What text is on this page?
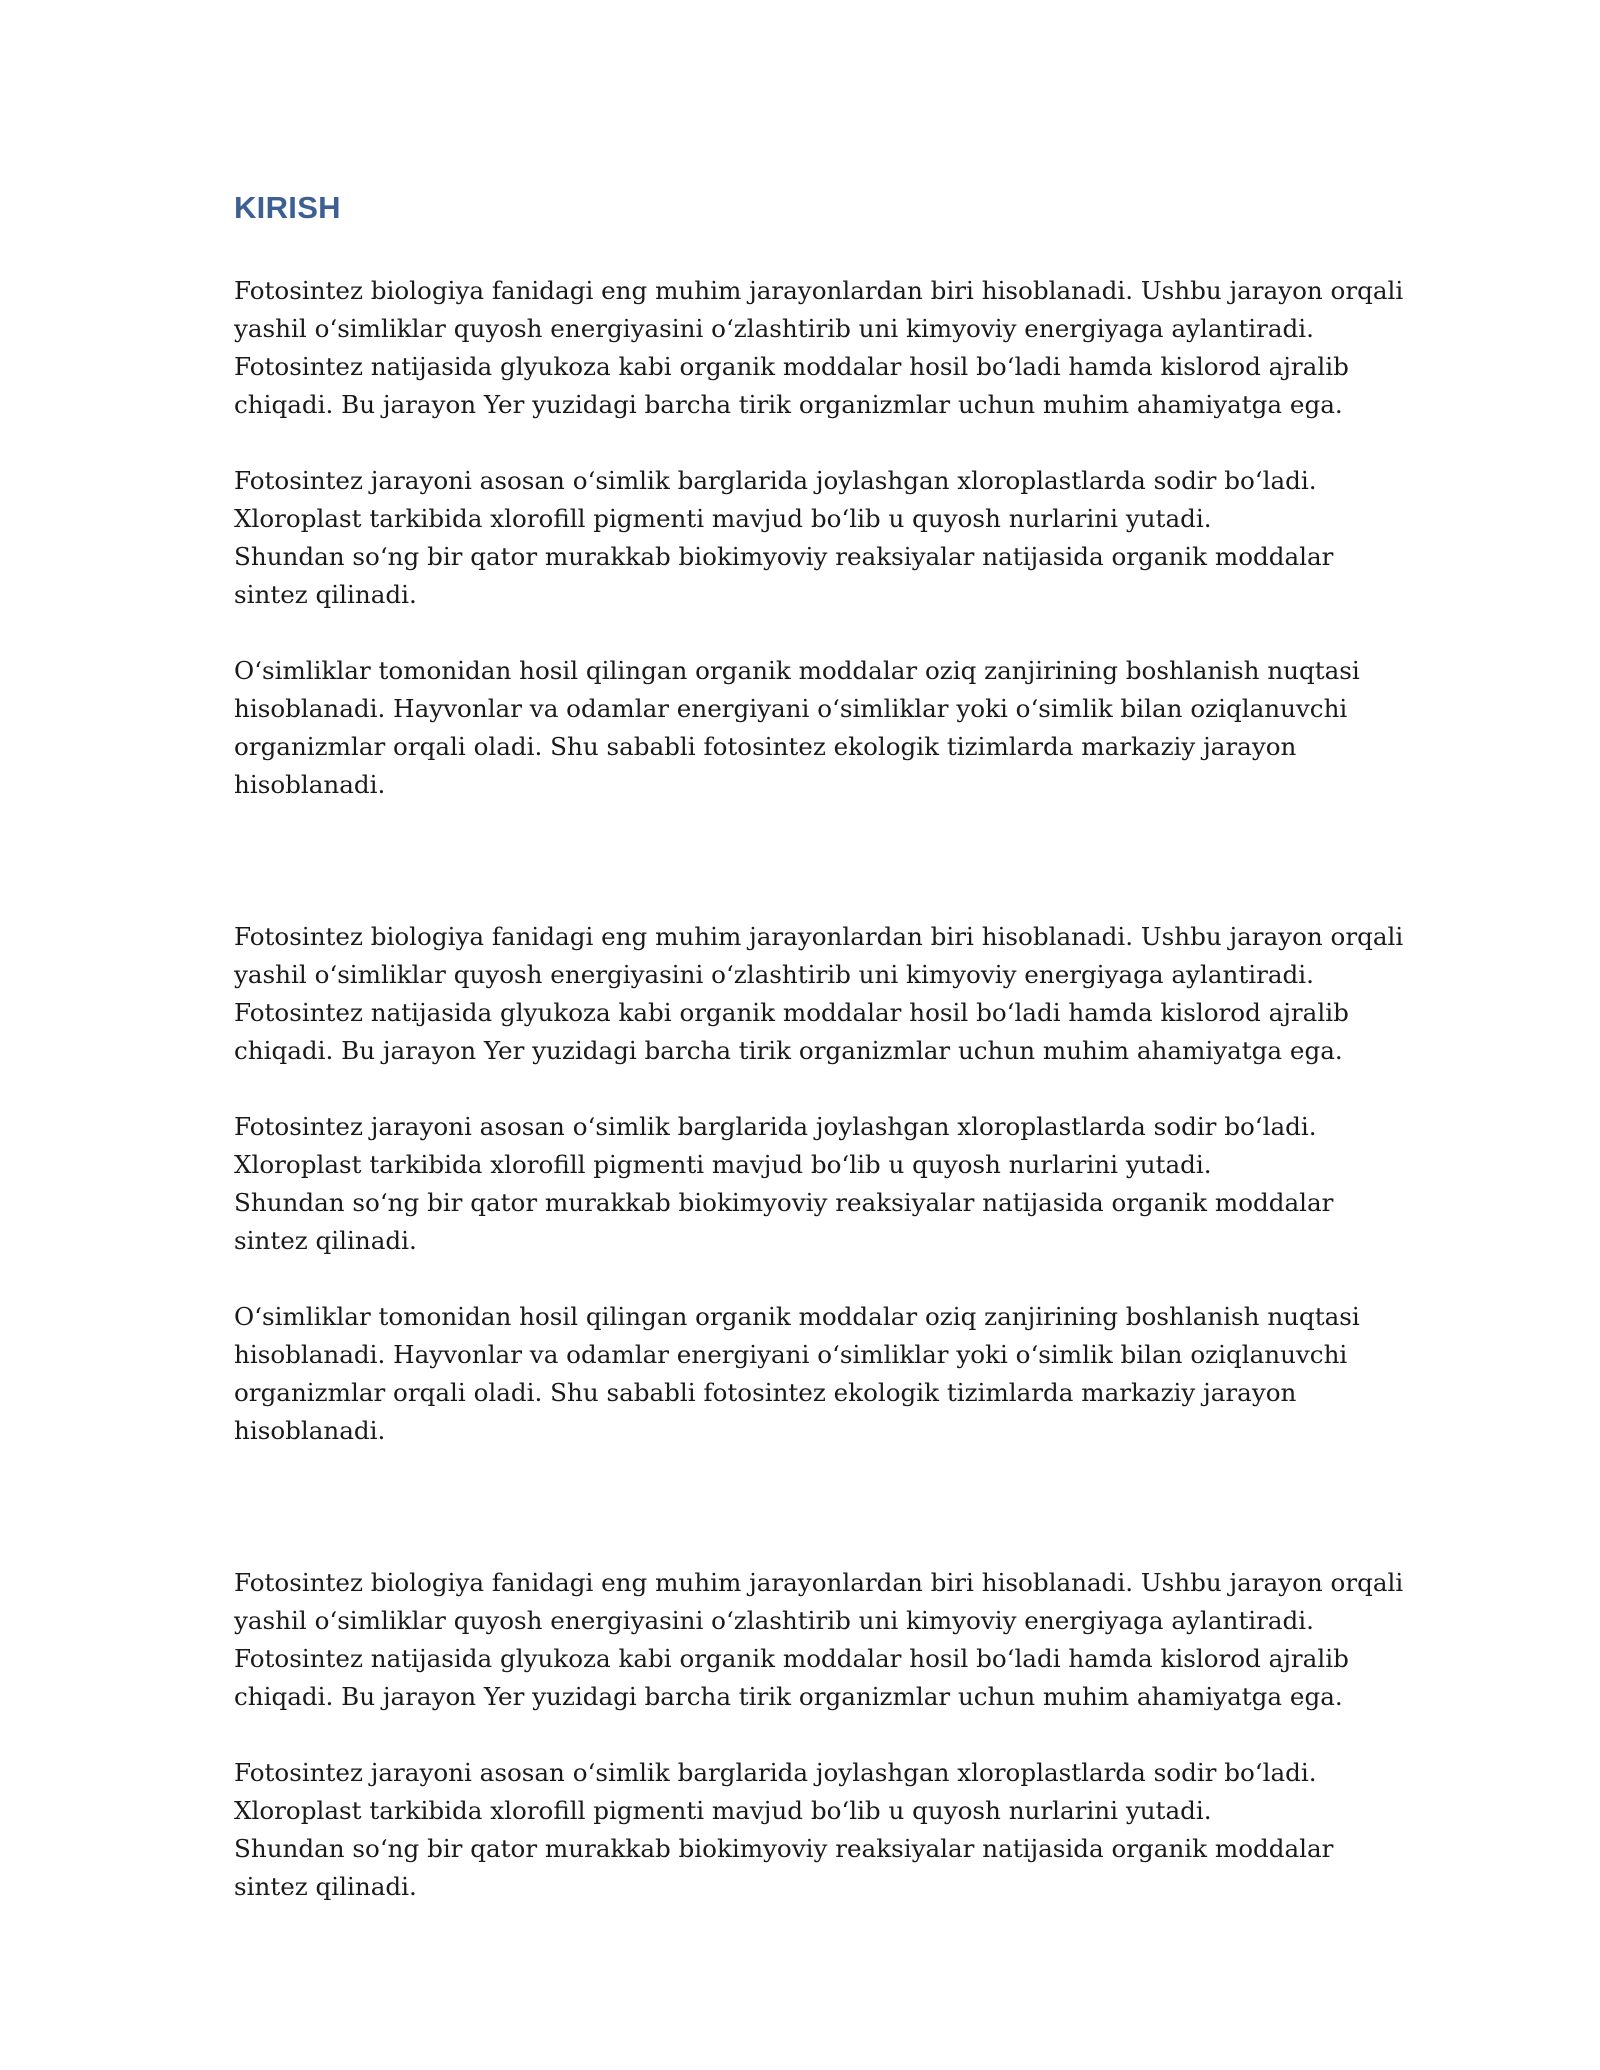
KIRISH

Fotosintez biologiya fanidagi eng muhim jarayonlardan biri hisoblanadi. Ushbu jarayon orqali
yashil o‘simliklar quyosh energiyasini o‘zlashtirib uni kimyoviy energiyaga aylantiradi.
Fotosintez natijasida glyukoza kabi organik moddalar hosil bo‘ladi hamda kislorod ajralib
chiqadi. Bu jarayon Yer yuzidagi barcha tirik organizmlar uchun muhim ahamiyatga ega.

Fotosintez jarayoni asosan o‘simlik barglarida joylashgan xloroplastlarda sodir bo‘ladi.
Xloroplast tarkibida xlorofill pigmenti mavjud bo‘lib u quyosh nurlarini yutadi.
Shundan so‘ng bir qator murakkab biokimyoviy reaksiyalar natijasida organik moddalar
sintez qilinadi.

O‘simliklar tomonidan hosil qilingan organik moddalar oziq zanjirining boshlanish nuqtasi
hisoblanadi. Hayvonlar va odamlar energiyani o‘simliklar yoki o‘simlik bilan oziqlanuvchi
organizmlar orqali oladi. Shu sababli fotosintez ekologik tizimlarda markaziy jarayon
hisoblanadi.

Fotosintez biologiya fanidagi eng muhim jarayonlardan biri hisoblanadi. Ushbu jarayon orqali
yashil o‘simliklar quyosh energiyasini o‘zlashtirib uni kimyoviy energiyaga aylantiradi.
Fotosintez natijasida glyukoza kabi organik moddalar hosil bo‘ladi hamda kislorod ajralib
chiqadi. Bu jarayon Yer yuzidagi barcha tirik organizmlar uchun muhim ahamiyatga ega.

Fotosintez jarayoni asosan o‘simlik barglarida joylashgan xloroplastlarda sodir bo‘ladi.
Xloroplast tarkibida xlorofill pigmenti mavjud bo‘lib u quyosh nurlarini yutadi.
Shundan so‘ng bir qator murakkab biokimyoviy reaksiyalar natijasida organik moddalar
sintez qilinadi.

O‘simliklar tomonidan hosil qilingan organik moddalar oziq zanjirining boshlanish nuqtasi
hisoblanadi. Hayvonlar va odamlar energiyani o‘simliklar yoki o‘simlik bilan oziqlanuvchi
organizmlar orqali oladi. Shu sababli fotosintez ekologik tizimlarda markaziy jarayon
hisoblanadi.

Fotosintez biologiya fanidagi eng muhim jarayonlardan biri hisoblanadi. Ushbu jarayon orqali
yashil o‘simliklar quyosh energiyasini o‘zlashtirib uni kimyoviy energiyaga aylantiradi.
Fotosintez natijasida glyukoza kabi organik moddalar hosil bo‘ladi hamda kislorod ajralib
chiqadi. Bu jarayon Yer yuzidagi barcha tirik organizmlar uchun muhim ahamiyatga ega.

Fotosintez jarayoni asosan o‘simlik barglarida joylashgan xloroplastlarda sodir bo‘ladi.
Xloroplast tarkibida xlorofill pigmenti mavjud bo‘lib u quyosh nurlarini yutadi.
Shundan so‘ng bir qator murakkab biokimyoviy reaksiyalar natijasida organik moddalar
sintez qilinadi.
